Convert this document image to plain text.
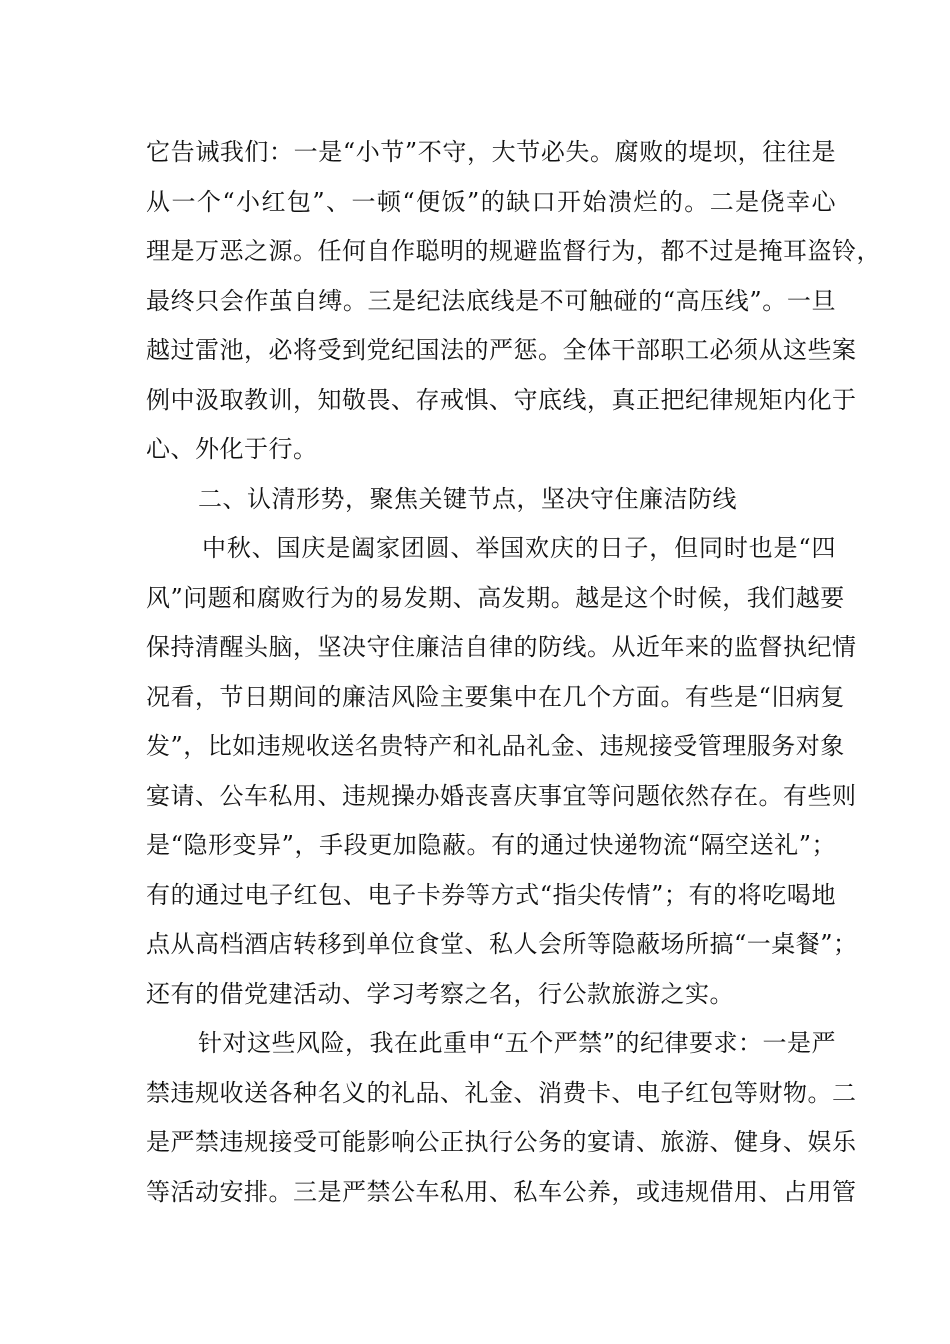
它告诫我们：一是“小节”不守，大节必失。腐败的堤坝，往往是
从一个“小红包”、一顿“便饭”的缺口开始溃烂的。二是侥幸心
理是万恶之源。任何自作聪明的规避监督行为，都不过是掩耳盗铃，
最终只会作茧自缚。三是纪法底线是不可触碰的“高压线”。一旦
越过雷池，必将受到党纪国法的严惩。全体干部职工必须从这些案
例中汲取教训，知敬畏、存戒惧、守底线，真正把纪律规矩内化于
心、外化于行。
二、认清形势，聚焦关键节点，坚决守住廉洁防线
中秋、国庆是阖家团圆、举国欢庆的日子，但同时也是“四
风”问题和腐败行为的易发期、高发期。越是这个时候，我们越要
保持清醒头脑，坚决守住廉洁自律的防线。从近年来的监督执纪情
况看，节日期间的廉洁风险主要集中在几个方面。有些是“旧病复
发”，比如违规收送名贵特产和礼品礼金、违规接受管理服务对象
宴请、公车私用、违规操办婚丧喜庆事宜等问题依然存在。有些则
是“隐形变异”，手段更加隐蔽。有的通过快递物流“隔空送礼”；
有的通过电子红包、电子卡券等方式“指尖传情”；有的将吃喝地
点从高档酒店转移到单位食堂、私人会所等隐蔽场所搞“一桌餐”；
还有的借党建活动、学习考察之名，行公款旅游之实。
针对这些风险，我在此重申“五个严禁”的纪律要求：一是严
禁违规收送各种名义的礼品、礼金、消费卡、电子红包等财物。二
是严禁违规接受可能影响公正执行公务的宴请、旅游、健身、娱乐
等活动安排。三是严禁公车私用、私车公养，或违规借用、占用管
